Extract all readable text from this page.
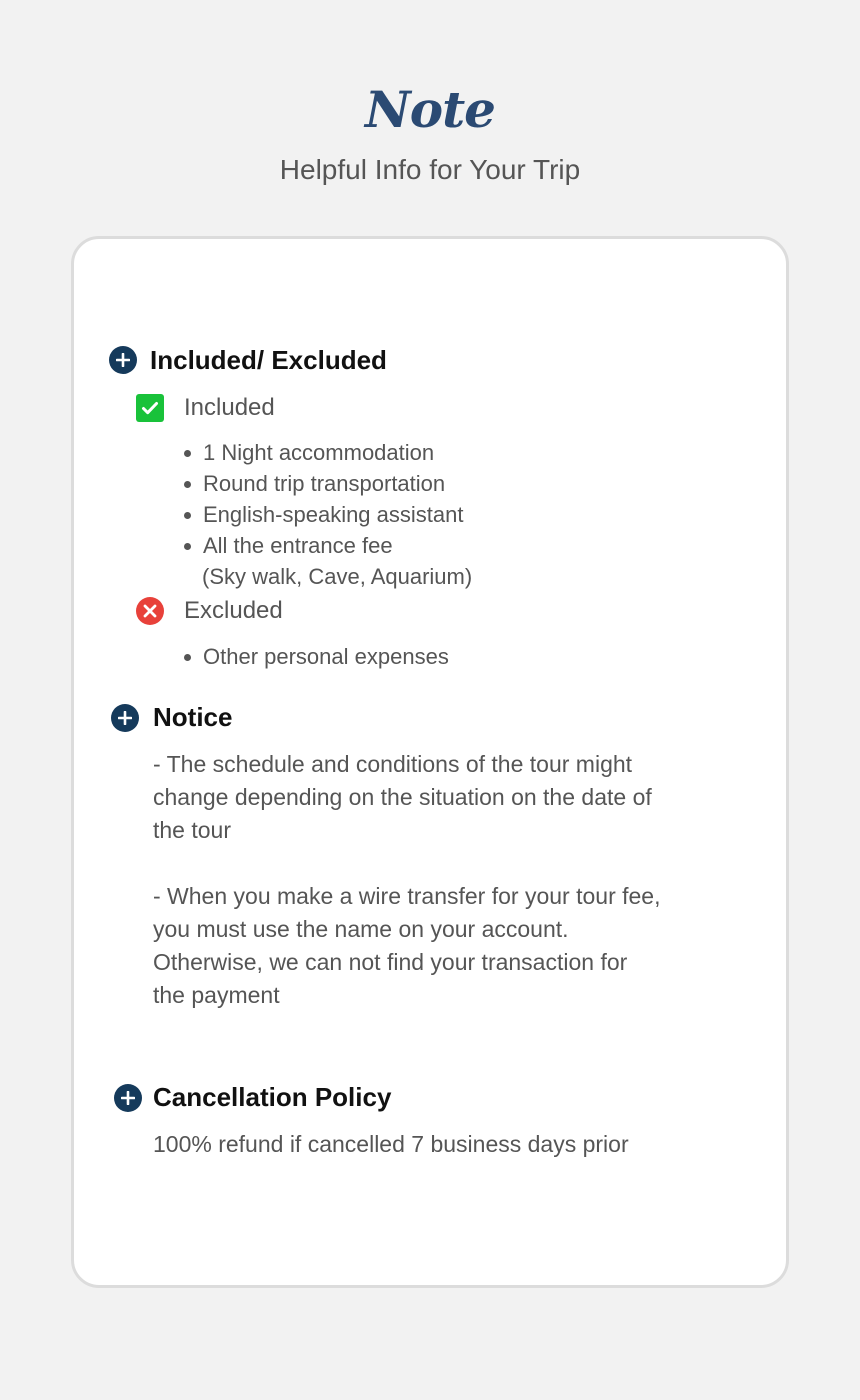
Note
Helpful Info for Your Trip
Included/ Excluded
Included
1 Night accommodation
Round trip transportation
English-speaking assistant
All the entrance fee
(Sky walk, Cave, Aquarium)
Excluded
Other personal expenses
Notice
- The schedule and conditions of the tour might
change depending on the situation on the date of
the tour
- When you make a wire transfer for your tour fee,
you must use the name on your account.
Otherwise, we can not find your transaction for
the payment
Cancellation Policy
100% refund if cancelled 7 business days prior
